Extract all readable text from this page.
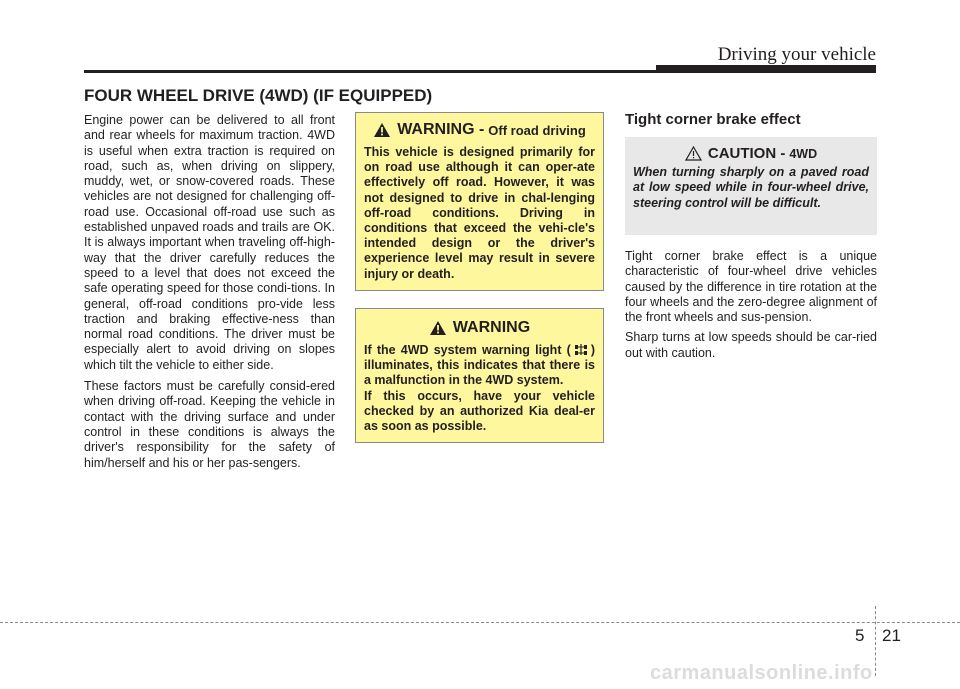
Driving your vehicle
FOUR WHEEL DRIVE (4WD) (IF EQUIPPED)

Engine power can be delivered to all front and rear wheels for maximum traction. 4WD is useful when extra traction is required on road, such as, when driving on slippery, muddy, wet, or snow-covered roads. These vehicles are not designed for challenging off-road use. Occasional off-road use such as established unpaved roads and trails are OK. It is always important when traveling off-high-way that the driver carefully reduces the speed to a level that does not exceed the safe operating speed for those condi-tions. In general, off-road conditions pro-vide less traction and braking effective-ness than normal road conditions. The driver must be especially alert to avoid driving on slopes which tilt the vehicle to either side.

These factors must be carefully consid-ered when driving off-road. Keeping the vehicle in contact with the driving surface and under control in these conditions is always the driver's responsibility for the safety of him/herself and his or her pas-sengers.

WARNING - Off road driving
This vehicle is designed primarily for on road use although it can oper-ate effectively off road. However, it was not designed to drive in chal-lenging off-road conditions. Driving in conditions that exceed the vehi-cle's intended design or the driver's experience level may result in severe injury or death.
WARNING

If the 4WD system warning light ( ) illuminates, this indicates that there is a malfunction in the 4WD system.

If this occurs, have your vehicle checked by an authorized Kia deal-er as soon as possible.

Tight corner brake effect
CAUTION - 4WD
When turning sharply on a paved road at low speed while in four-wheel drive, steering control will be difficult.

Tight corner brake effect is a unique characteristic of four-wheel drive vehicles caused by the difference in tire rotation at the four wheels and the zero-degree alignment of the front wheels and sus-pension.

Sharp turns at low speeds should be car-ried out with caution.

5 21
carmanualsonline.info
